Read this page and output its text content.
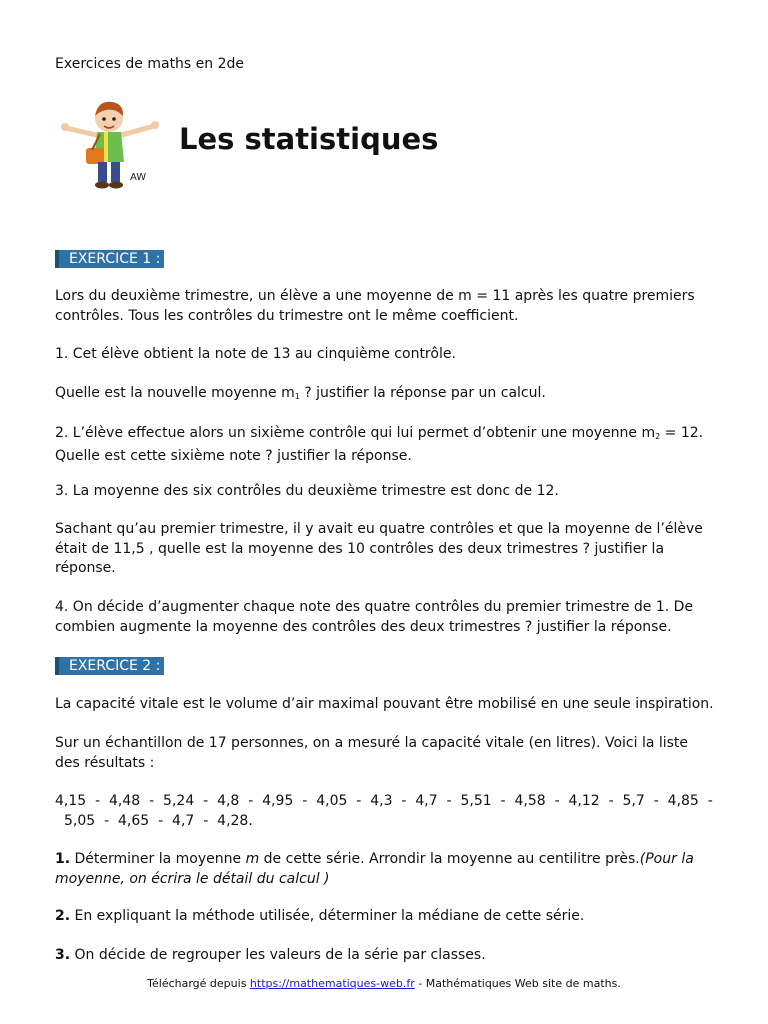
Exercices de maths en 2de
AW
Les statistiques
EXERCICE 1 :

Lors du deuxième trimestre, un élève a une moyenne de m = 11 après les quatre premiers contrôles. Tous les contrôles du trimestre ont le même coefficient.

1. Cet élève obtient la note de 13 au cinquième contrôle.

Quelle est la nouvelle moyenne $m_1$ ? justifier la réponse par un calcul.

2. L’élève effectue alors un sixième contrôle qui lui permet d’obtenir une moyenne $m_2 = 12$. Quelle est cette sixième note ? justifier la réponse.

3. La moyenne des six contrôles du deuxième trimestre est donc de 12.

Sachant qu’au premier trimestre, il y avait eu quatre contrôles et que la moyenne de l’élève était de 11,5 , quelle est la moyenne des 10 contrôles des deux trimestres ? justifier la réponse.

4. On décide d’augmenter chaque note des quatre contrôles du premier trimestre de 1. De combien augmente la moyenne des contrôles des deux trimestres ? justifier la réponse.

EXERCICE 2 :

La capacité vitale est le volume d’air maximal pouvant être mobilisé en une seule inspiration.

Sur un échantillon de 17 personnes, on a mesuré la capacité vitale (en litres). Voici la liste des résultats :

4,15  -  4,48  -  5,24  -  4,8  -  4,95  -  4,05  -  4,3  -  4,7  -  5,51  -  4,58  -  4,12  -  5,7  -  4,85  -

5,05  -  4,65  -  4,7  -  4,28.

1. Déterminer la moyenne m de cette série. Arrondir la moyenne au centilitre près.(Pour la moyenne, on écrira le détail du calcul )

2. En expliquant la méthode utilisée, déterminer la médiane de cette série.

3. On décide de regrouper les valeurs de la série par classes.

Téléchargé depuis https://mathematiques-web.fr - Mathématiques Web site de maths.
